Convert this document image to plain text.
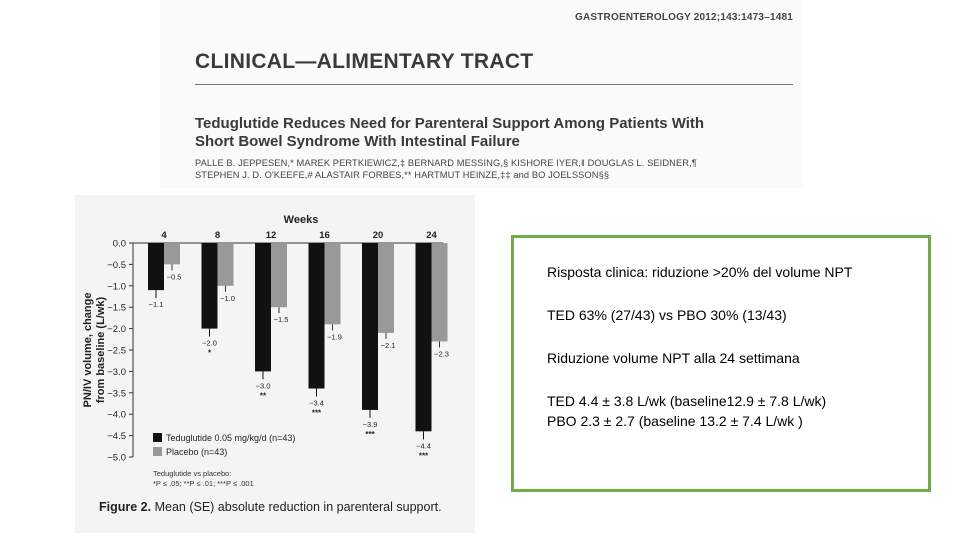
GASTROENTEROLOGY 2012;143:1473–1481
CLINICAL—ALIMENTARY TRACT
Teduglutide Reduces Need for Parenteral Support Among Patients With
Short Bowel Syndrome With Intestinal Failure
PALLE B. JEPPESEN,* MAREK PERTKIEWICZ,‡ BERNARD MESSING,§ KISHORE IYER,‖ DOUGLAS L. SEIDNER,¶
STEPHEN J. D. O'KEEFE,# ALASTAIR FORBES,** HARTMUT HEINZE,‡‡ and BO JOELSSON§§
Weeks
PN/IV volume, change from baseline (L/wk)
0.0
−0.5
−1.0
−1.5
−2.0
−2.5
−3.0
−3.5
−4.0
−4.5
−5.0
4
−1.1
−0.5
8
−2.0
*
−1.0
12
−3.0
**
−1.5
16
−3.4
***
−1.9
20
−3.9
***
−2.1
24
−4.4
***
−2.3
Teduglutide 0.05 mg/kg/d (n=43)
Placebo (n=43)
Teduglutide vs placebo:
*P ≤ .05; **P ≤ .01; ***P ≤ .001
Figure 2. Mean (SE) absolute reduction in parenteral support.
Risposta clinica: riduzione >20% del volume NPT
TED 63% (27/43) vs PBO 30% (13/43)
Riduzione volume NPT alla 24 settimana
TED 4.4 ± 3.8 L/wk (baseline12.9 ± 7.8 L/wk)
PBO 2.3 ± 2.7 (baseline 13.2 ± 7.4 L/wk )
